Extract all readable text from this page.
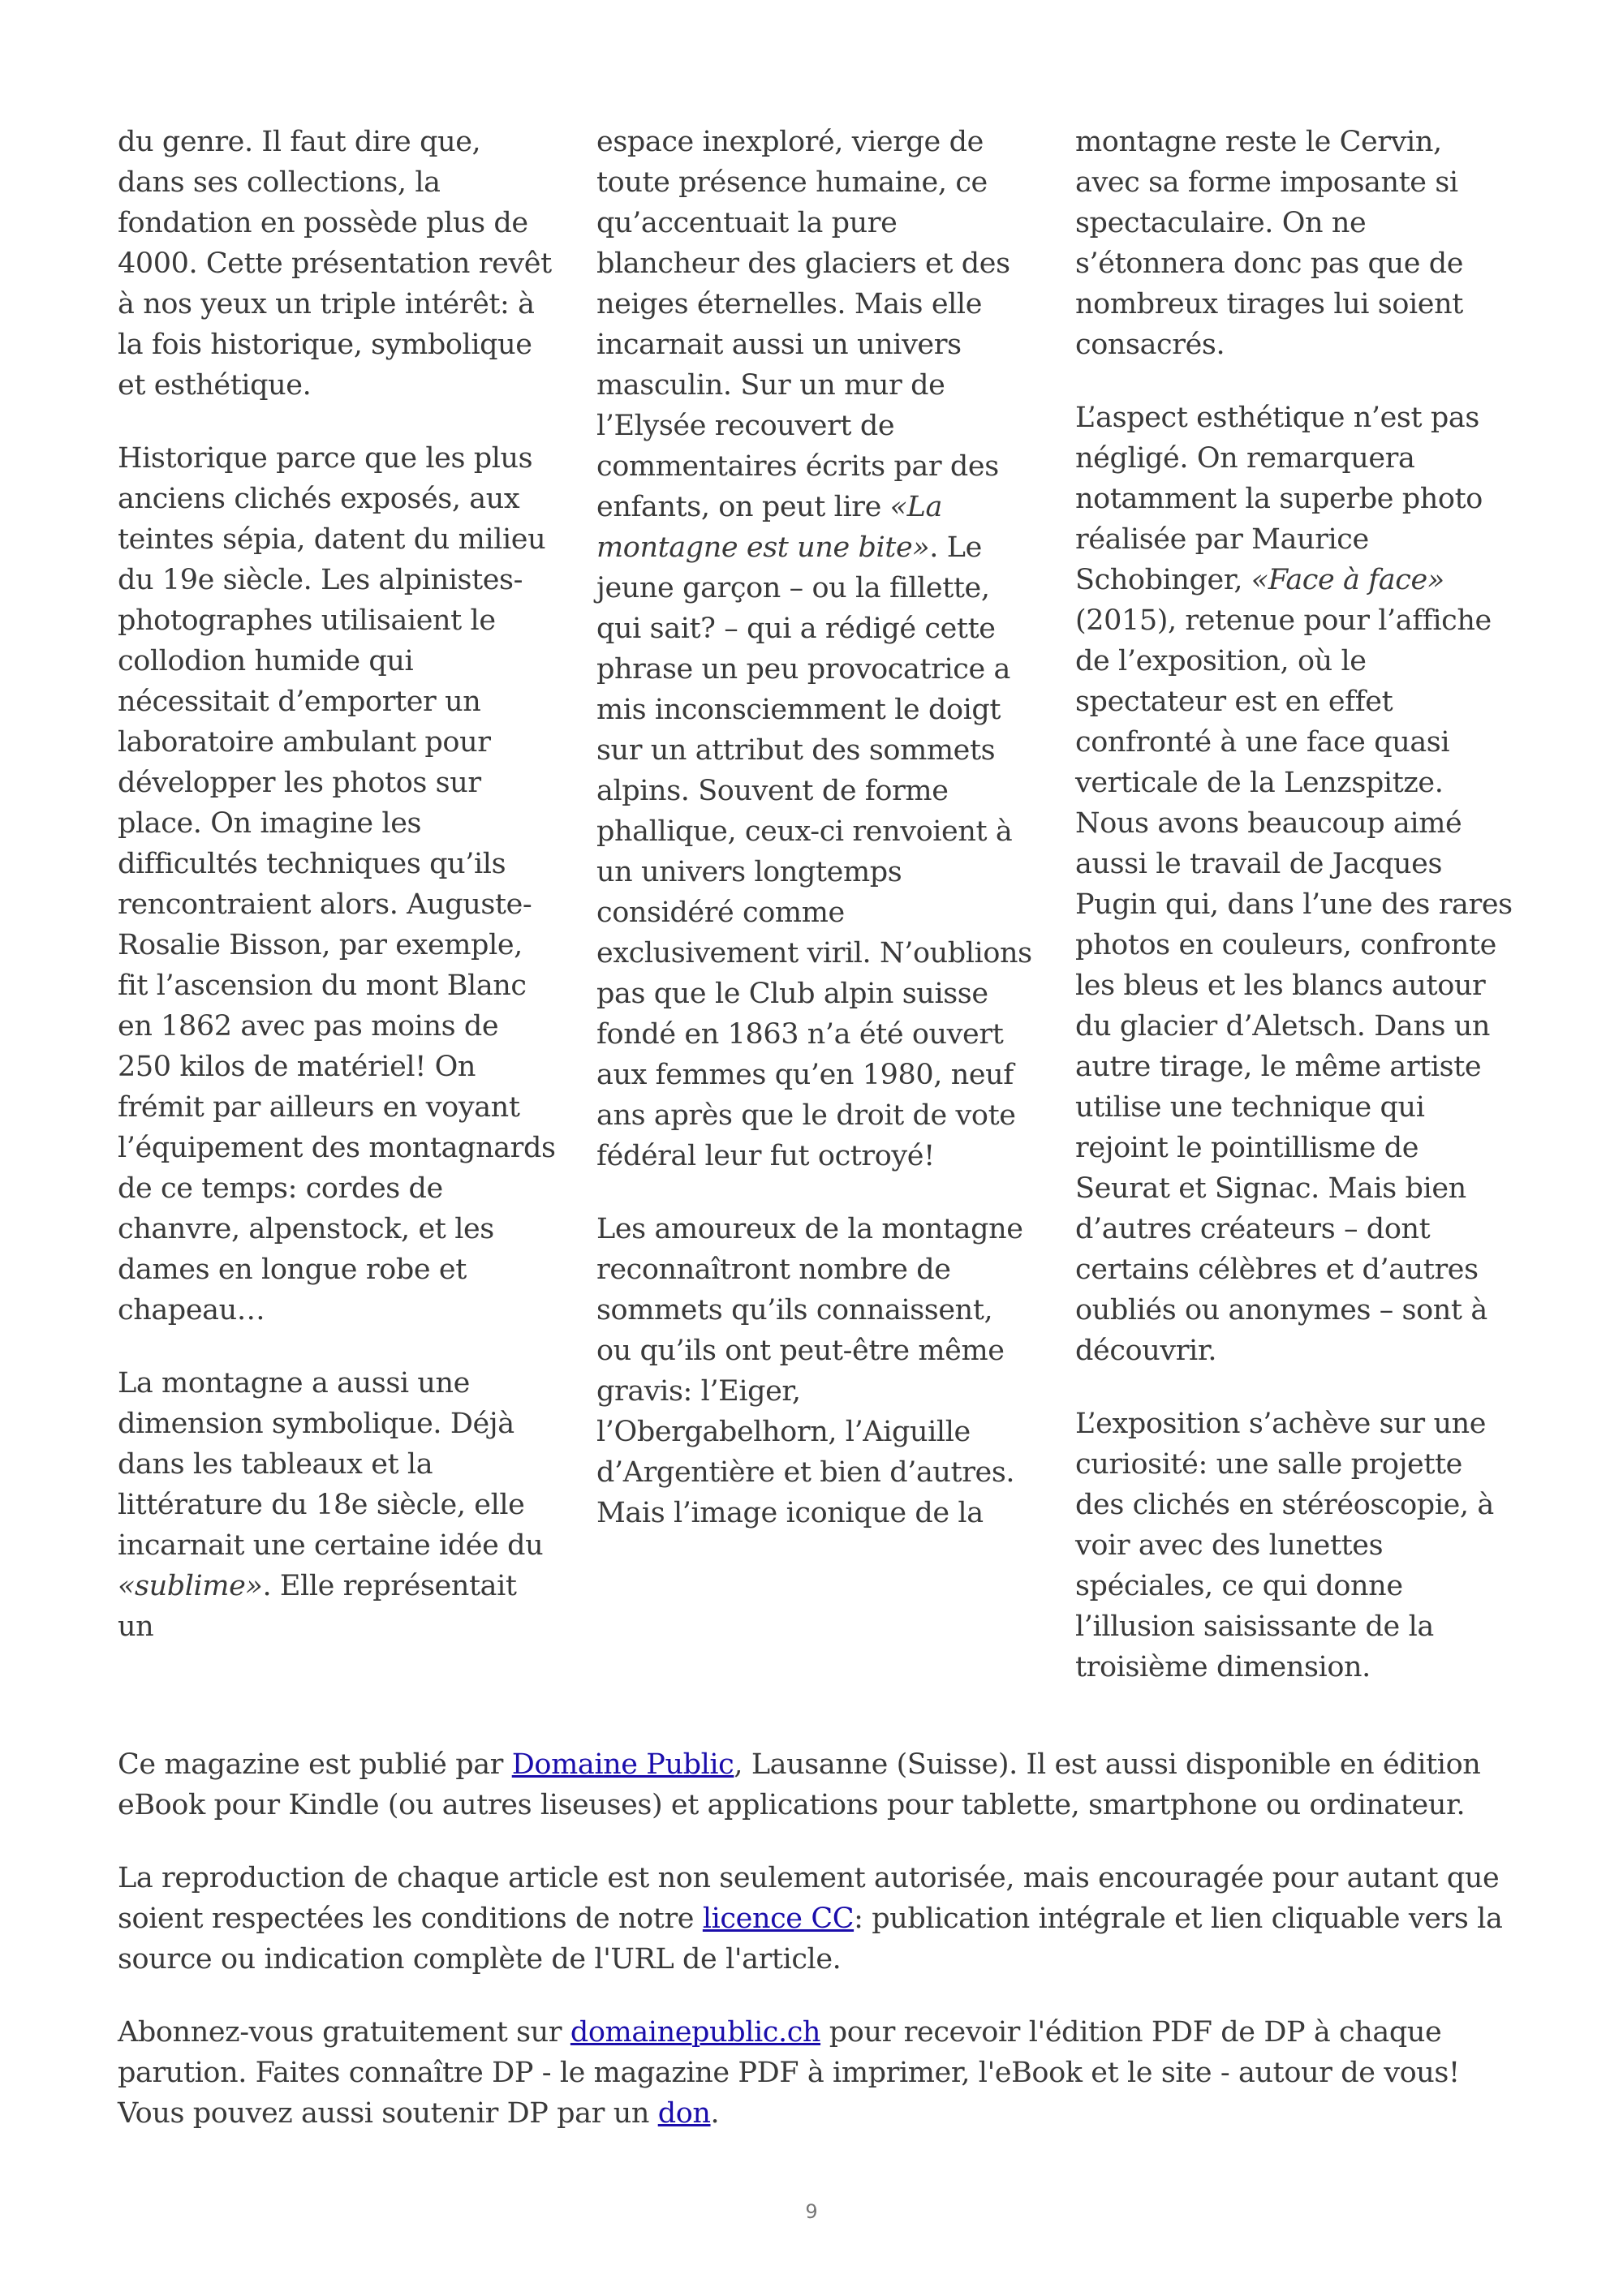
du genre. Il faut dire que, dans ses collections, la fondation en possède plus de 4000. Cette présentation revêt à nos yeux un triple intérêt: à la fois historique, symbolique et esthétique.

Historique parce que les plus anciens clichés exposés, aux teintes sépia, datent du milieu du 19e siècle. Les alpinistes-photographes utilisaient le collodion humide qui nécessitait d’emporter un laboratoire ambulant pour développer les photos sur place. On imagine les difficultés techniques qu’ils rencontraient alors. Auguste-Rosalie Bisson, par exemple, fit l’ascension du mont Blanc en 1862 avec pas moins de 250 kilos de matériel! On frémit par ailleurs en voyant l’équipement des montagnards de ce temps: cordes de chanvre, alpenstock, et les dames en longue robe et chapeau…

La montagne a aussi une dimension symbolique. Déjà dans les tableaux et la littérature du 18e siècle, elle incarnait une certaine idée du «sublime». Elle représentait un

espace inexploré, vierge de toute présence humaine, ce qu’accentuait la pure blancheur des glaciers et des neiges éternelles. Mais elle incarnait aussi un univers masculin. Sur un mur de l’Elysée recouvert de commentaires écrits par des enfants, on peut lire «La montagne est une bite». Le jeune garçon – ou la fillette, qui sait? – qui a rédigé cette phrase un peu provocatrice a mis inconsciemment le doigt sur un attribut des sommets alpins. Souvent de forme phallique, ceux-ci renvoient à un univers longtemps considéré comme exclusivement viril. N’oublions pas que le Club alpin suisse fondé en 1863 n’a été ouvert aux femmes qu’en 1980, neuf ans après que le droit de vote fédéral leur fut octroyé!

Les amoureux de la montagne reconnaîtront nombre de sommets qu’ils connaissent, ou qu’ils ont peut-être même gravis: l’Eiger, l’Obergabelhorn, l’Aiguille d’Argentière et bien d’autres. Mais l’image iconique de la

montagne reste le Cervin, avec sa forme imposante si spectaculaire. On ne s’étonnera donc pas que de nombreux tirages lui soient consacrés.

L’aspect esthétique n’est pas négligé. On remarquera notamment la superbe photo réalisée par Maurice Schobinger, «Face à face» (2015), retenue pour l’affiche de l’exposition, où le spectateur est en effet confronté à une face quasi verticale de la Lenzspitze. Nous avons beaucoup aimé aussi le travail de Jacques Pugin qui, dans l’une des rares photos en couleurs, confronte les bleus et les blancs autour du glacier d’Aletsch. Dans un autre tirage, le même artiste utilise une technique qui rejoint le pointillisme de Seurat et Signac. Mais bien d’autres créateurs – dont certains célèbres et d’autres oubliés ou anonymes – sont à découvrir.

L’exposition s’achève sur une curiosité: une salle projette des clichés en stéréoscopie, à voir avec des lunettes spéciales, ce qui donne l’illusion saisissante de la troisième dimension.

Ce magazine est publié par Domaine Public, Lausanne (Suisse). Il est aussi disponible en édition eBook pour Kindle (ou autres liseuses) et applications pour tablette, smartphone ou ordinateur.

La reproduction de chaque article est non seulement autorisée, mais encouragée pour autant que soient respectées les conditions de notre licence CC: publication intégrale et lien cliquable vers la source ou indication complète de l'URL de l'article.

Abonnez-vous gratuitement sur domainepublic.ch pour recevoir l'édition PDF de DP à chaque parution. Faites connaître DP - le magazine PDF à imprimer, l'eBook et le site - autour de vous! Vous pouvez aussi soutenir DP par un don.

9
